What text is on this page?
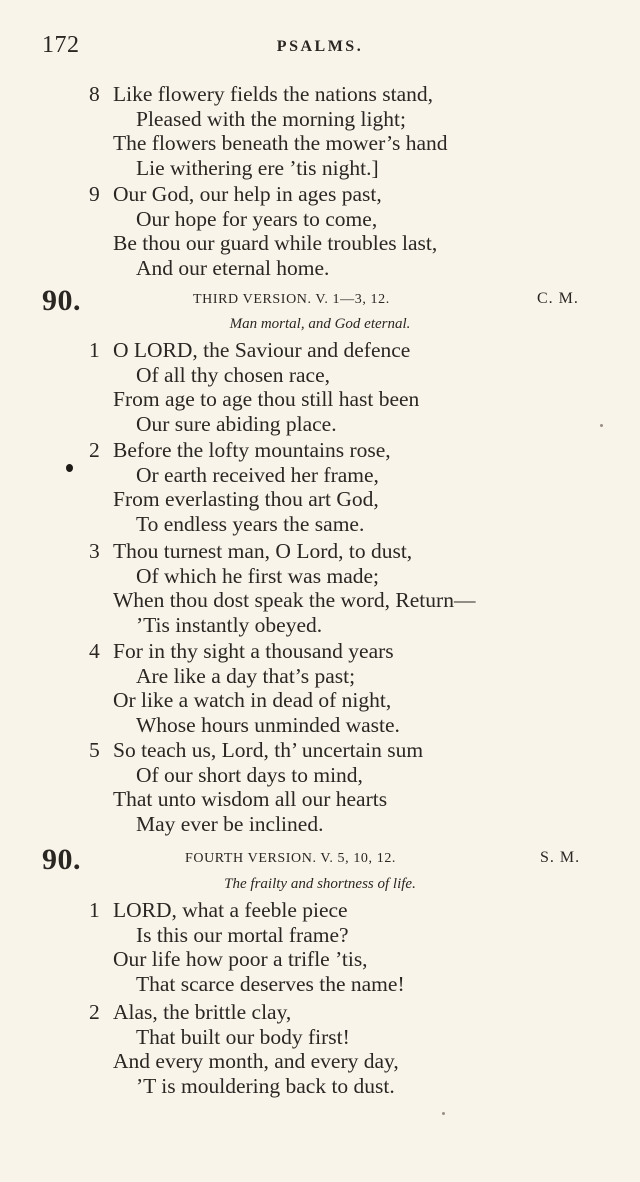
172	PSALMS.
8 Like flowery fields the nations stand,
Pleased with the morning light;
The flowers beneath the mower’s hand
Lie withering ere ’tis night.]
9 Our God, our help in ages past,
Our hope for years to come,
Be thou our guard while troubles last,
And our eternal home.
90.	THIRD VERSION. V. 1—3, 12.	C. M.
Man mortal, and God eternal.
1 O LORD, the Saviour and defence
Of all thy chosen race,
From age to age thou still hast been
Our sure abiding place.
2 Before the lofty mountains rose,
Or earth received her frame,
From everlasting thou art God,
To endless years the same.
3 Thou turnest man, O Lord, to dust,
Of which he first was made;
When thou dost speak the word, Return—
’Tis instantly obeyed.
4 For in thy sight a thousand years
Are like a day that’s past;
Or like a watch in dead of night,
Whose hours unminded waste.
5 So teach us, Lord, th’ uncertain sum
Of our short days to mind,
That unto wisdom all our hearts
May ever be inclined.
90.	FOURTH VERSION. V. 5, 10, 12.	S. M.
The frailty and shortness of life.
1 LORD, what a feeble piece
Is this our mortal frame?
Our life how poor a trifle ’tis,
That scarce deserves the name!
2 Alas, the brittle clay,
That built our body first!
And every month, and every day,
’T is mouldering back to dust.
